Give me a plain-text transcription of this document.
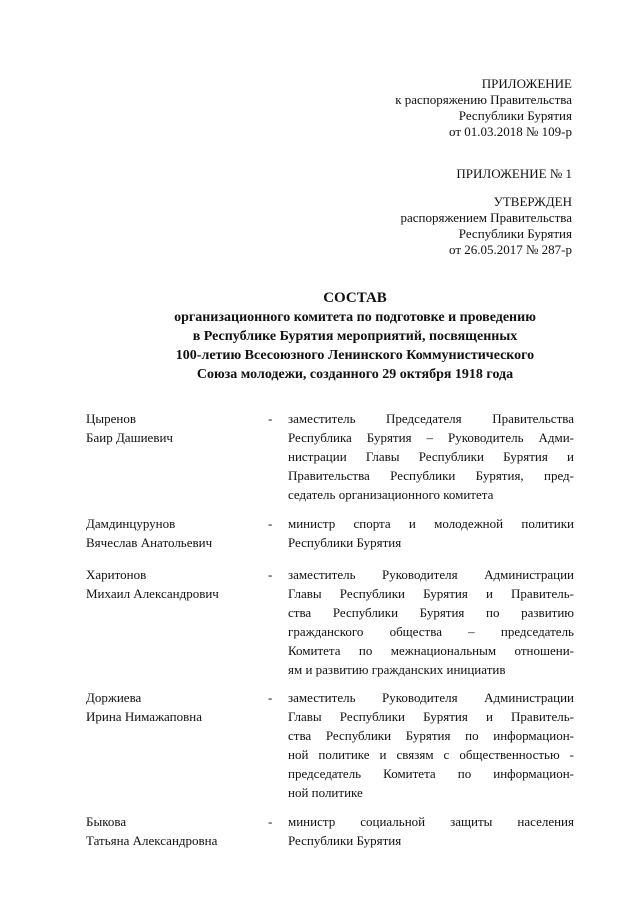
ПРИЛОЖЕНИЕ
к распоряжению Правительства
Республики Бурятия
от 01.03.2018 № 109-р
ПРИЛОЖЕНИЕ № 1
УТВЕРЖДЕН
распоряжением Правительства
Республики Бурятия
от 26.05.2017 № 287-р
СОСТАВ
организационного комитета по подготовке и проведению
в Республике Бурятия мероприятий, посвященных
100-летию Всесоюзного Ленинского Коммунистического
Союза молодежи, созданного 29 октября 1918 года
Цыренов
Баир Дашиевич
- заместитель Председателя Правительства
Республика Бурятия – Руководитель Адми-
нистрации Главы Республики Бурятия и
Правительства Республики Бурятия, пред-
седатель организационного комитета
Дамдинцурунов
Вячеслав Анатольевич
- министр спорта и молодежной политики
Республики Бурятия
Харитонов
Михаил Александрович
- заместитель Руководителя Администрации
Главы Республики Бурятия и Правитель-
ства Республики Бурятия по развитию
гражданского общества – председатель
Комитета по межнациональным отношени-
ям и развитию гражданских инициатив
Доржиева
Ирина Нимажаповна
- заместитель Руководителя Администрации
Главы Республики Бурятия и Правитель-
ства Республики Бурятия по информацион-
ной политике и связям с общественностью -
председатель Комитета по информацион-
ной политике
Быкова
Татьяна Александровна
- министр социальной защиты населения
Республики Бурятия
